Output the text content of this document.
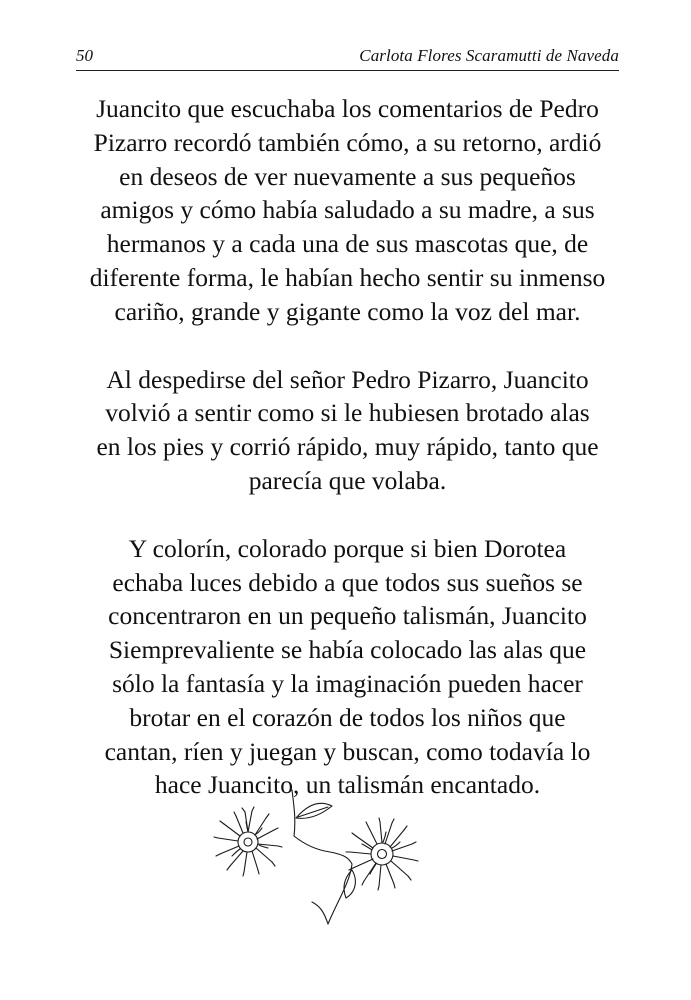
50	Carlota Flores Scaramutti de Naveda

Juancito que escuchaba los comentarios de Pedro
Pizarro recordó también cómo, a su retorno, ardió
en deseos de ver nuevamente a sus pequeños
amigos y cómo había saludado a su madre, a sus
hermanos y a cada una de sus mascotas que, de
diferente forma, le habían hecho sentir su inmenso
cariño, grande y gigante como la voz del mar.

Al despedirse del señor Pedro Pizarro, Juancito
volvió a sentir como si le hubiesen brotado alas
en los pies y corrió rápido, muy rápido, tanto que
parecía que volaba.

Y colorín, colorado porque si bien Dorotea
echaba luces debido a que todos sus sueños se
concentraron en un pequeño talismán, Juancito
Siemprevaliente se había colocado las alas que
sólo la fantasía y la imaginación pueden hacer
brotar en el corazón de todos los niños que
cantan, ríen y juegan y buscan, como todavía lo
hace Juancito, un talismán encantado.
